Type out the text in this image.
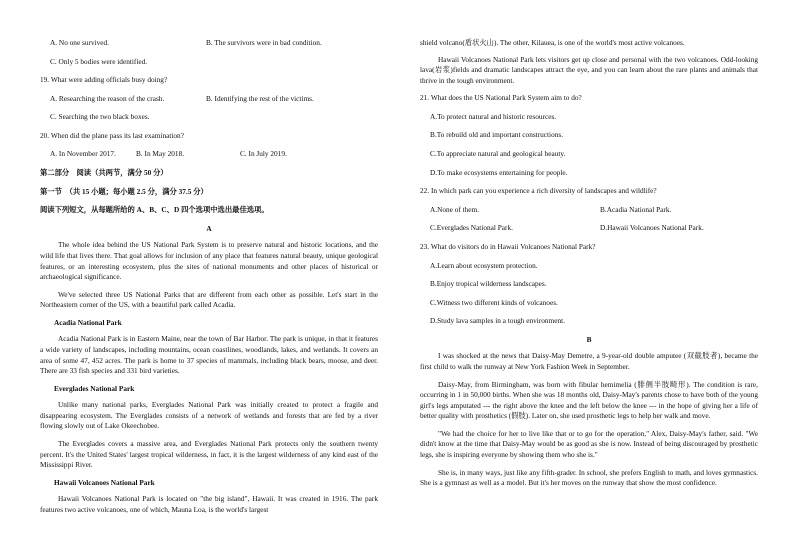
A. No one survived.	B. The survivors were in bad condition.

C. Only 5 bodies were identified.

19. What were adding officials busy doing?

A. Researching the reason of the crash.	B. Identifying the rest of the victims.

C. Searching the two black boxes.

20. When did the plane pass its last examination?

A. In November 2017.	B. In May 2018.	C. In July 2019.

第二部分　阅读（共两节，满分 50 分）

第一节　（共 15 小题；每小题 2.5 分，满分 37.5 分）

阅读下列短文，从每题所给的 A、B、C、D 四个选项中选出最佳选项。

A

The whole idea behind the US National Park System is to preserve natural and historic locations, and the wild life that lives there. That goal allows for inclusion of any place that features natural beauty, unique geological features, or an interesting ecosystem, plus the sites of national monuments and other places of historical or archaeological significance.

We've selected three US National Parks that are different from each other as possible. Let's start in the Northeastern corner of the US, with a beautiful park called Acadia.

Acadia National Park

Acadia National Park is in Eastern Maine, near the town of Bar Harbor. The park is unique, in that it features a wide variety of landscapes, including mountains, ocean coastlines, woodlands, lakes, and wetlands. It covers an area of some 47, 452 acres. The park is home to 37 species of mammals, including black bears, moose, and deer. There are 33 fish species and 331 bird varieties.

Everglades National Park

Unlike many national parks, Everglades National Park was initially created to protect a fragile and disappearing ecosystem. The Everglades consists of a network of wetlands and forests that are fed by a river flowing slowly out of Lake Okeechobee.

The Everglades covers a massive area, and Everglades National Park protects only the southern twenty percent. It's the United States' largest tropical wilderness, in fact, it is the largest wilderness of any kind east of the Mississippi River.

Hawaii Volcanoes National Park

Hawaii Volcanoes National Park is located on "the big island", Hawaii. It was created in 1916. The park features two active volcanoes, one of which, Mauna Loa, is the world's largest

shield volcano(盾状火山). The other, Kilauea, is one of the world's most active volcanoes.

Hawaii Volcanoes National Park lets visitors get up close and personal with the two volcanoes. Odd-looking lava(岩浆)fields and dramatic landscapes attract the eye, and you can learn about the rare plants and animals that thrive in the tough environment.

21. What does the US National Park System aim to do?

A.To protect natural and historic resources.

B.To rebuild old and important constructions.

C.To appreciate natural and geological beauty.

D.To make ecosystems entertaining for people.

22. In which park can you experience a rich diversity of landscapes and wildlife?

A.None of them.	B.Acadia National Park.
C.Everglades National Park.	D.Hawaii Volcanoes National Park.

23. What do visitors do in Hawaii Volcanoes National Park?

A.Learn about ecosystem protection.

B.Enjoy tropical wilderness landscapes.

C.Witness two different kinds of volcanoes.

D.Study lava samples in a tough environment.

B

I was shocked at the news that Daisy-May Demetre, a 9-year-old double amputee (双截肢者), became the first child to walk the runway at New York Fashion Week in September.

Daisy-May, from Birmingham, was born with fibular hemimelia (腓侧半肢畸形). The condition is rare, occurring in 1 in 50,000 births. When she was 18 months old, Daisy-May's parents chose to have both of the young girl's legs amputated --- the right above the knee and the left below the knee --- in the hope of giving her a life of better quality with prosthetics (假肢). Later on, she used prosthetic legs to help her walk and move.

"We had the choice for her to live like that or to go for the operation," Alex, Daisy-May's father, said. "We didn't know at the time that Daisy-May would be as good as she is now. Instead of being discouraged by prosthetic legs, she is inspiring everyone by showing them who she is."

She is, in many ways, just like any fifth-grader. In school, she prefers English to math, and loves gymnastics. She is a gymnast as well as a model. But it's her moves on the runway that show the most confidence.
